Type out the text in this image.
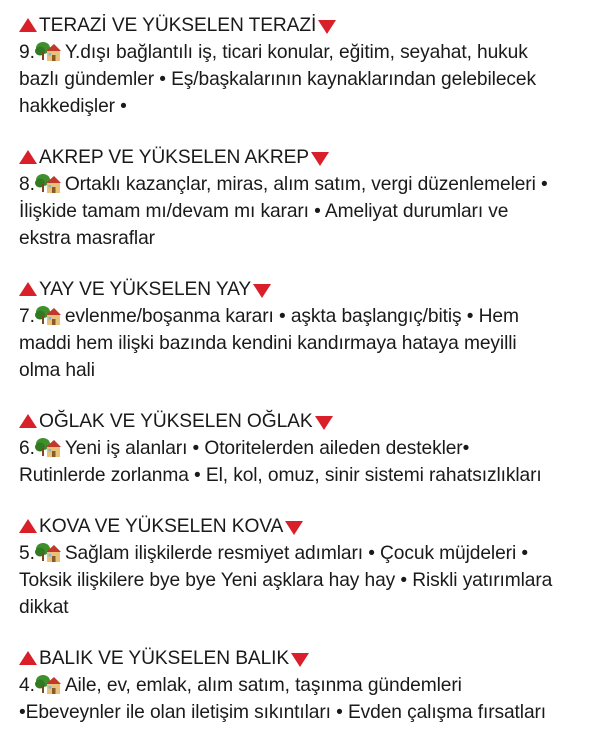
TERAZİ VE YÜKSELEN TERAZİ
9. Y.dışı bağlantılı iş, ticari konular, eğitim, seyahat, hukuk
bazlı gündemler • Eş/başkalarının kaynaklarından gelebilecek
hakkedişler •
AKREP VE YÜKSELEN AKREP
8. Ortaklı kazançlar, miras, alım satım, vergi düzenlemeleri •
İlişkide tamam mı/devam mı kararı • Ameliyat durumları ve
ekstra masraflar
YAY VE YÜKSELEN YAY
7. evlenme/boşanma kararı • aşkta başlangıç/bitiş • Hem
maddi hem ilişki bazında kendini kandırmaya hataya meyilli
olma hali
OĞLAK VE YÜKSELEN OĞLAK
6. Yeni iş alanları • Otoritelerden aileden destekler•
Rutinlerde zorlanma • El, kol, omuz, sinir sistemi rahatsızlıkları
KOVA VE YÜKSELEN KOVA
5. Sağlam ilişkilerde resmiyet adımları • Çocuk müjdeleri •
Toksik ilişkilere bye bye Yeni aşklara hay hay • Riskli yatırımlara
dikkat
BALIK VE YÜKSELEN BALIK
4. Aile, ev, emlak, alım satım, taşınma gündemleri
•Ebeveynler ile olan iletişim sıkıntıları • Evden çalışma fırsatları
